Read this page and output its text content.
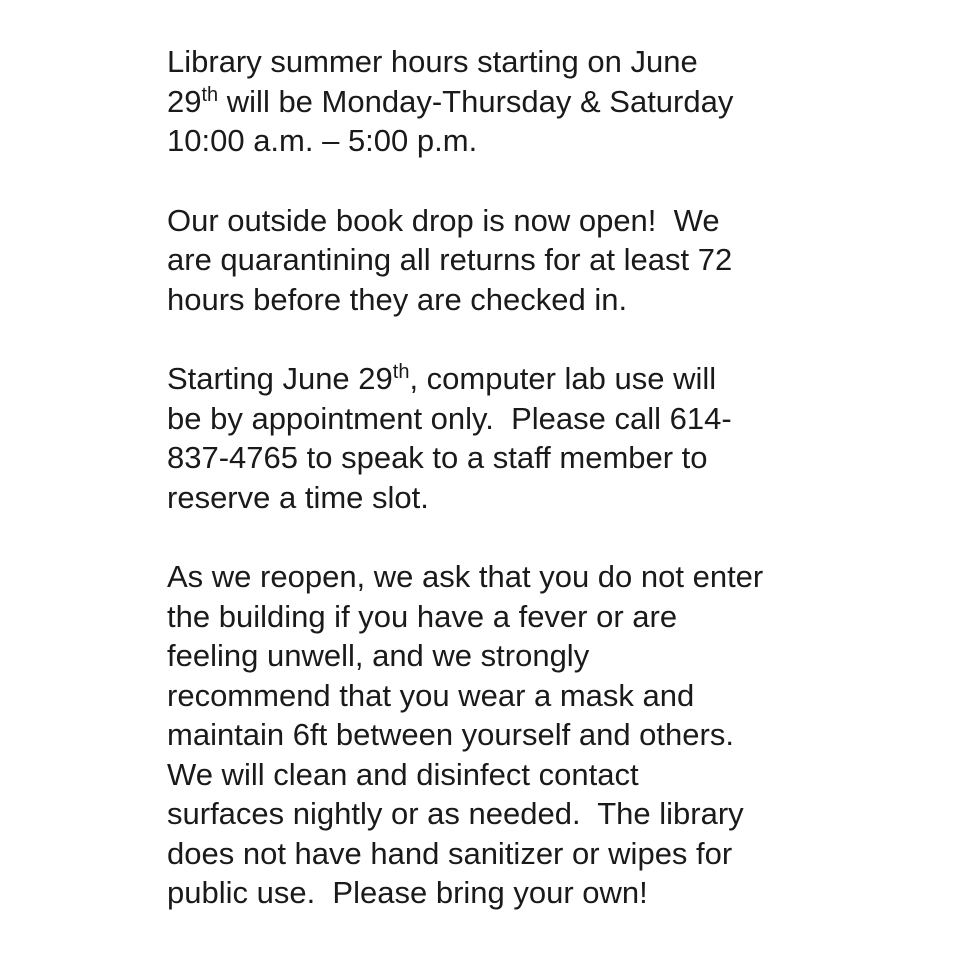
Library summer hours starting on June
29th will be Monday-Thursday & Saturday
10:00 a.m. – 5:00 p.m.
Our outside book drop is now open!  We
are quarantining all returns for at least 72
hours before they are checked in.
Starting June 29th, computer lab use will
be by appointment only.  Please call 614-
837-4765 to speak to a staff member to
reserve a time slot.
As we reopen, we ask that you do not enter
the building if you have a fever or are
feeling unwell, and we strongly
recommend that you wear a mask and
maintain 6ft between yourself and others.
We will clean and disinfect contact
surfaces nightly or as needed.  The library
does not have hand sanitizer or wipes for
public use.  Please bring your own!
